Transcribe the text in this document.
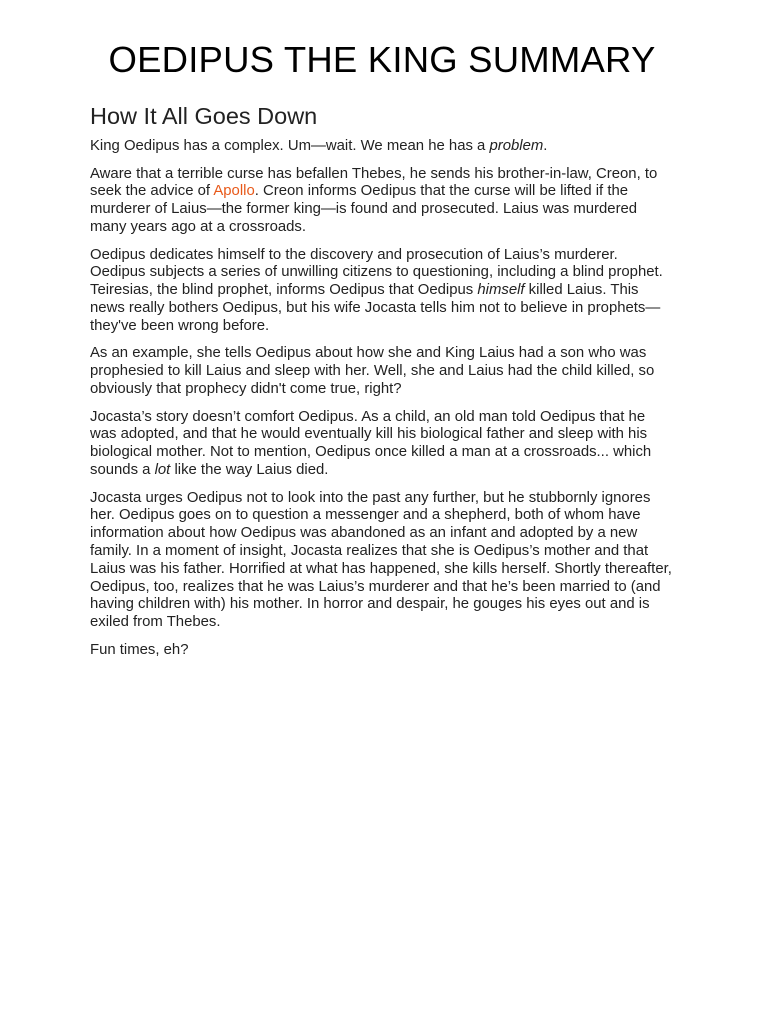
OEDIPUS THE KING SUMMARY
How It All Goes Down

King Oedipus has a complex. Um—wait. We mean he has a problem.

Aware that a terrible curse has befallen Thebes, he sends his brother-in-law, Creon, to seek the advice of Apollo. Creon informs Oedipus that the curse will be lifted if the murderer of Laius—the former king—is found and prosecuted. Laius was murdered many years ago at a crossroads.

Oedipus dedicates himself to the discovery and prosecution of Laius’s murderer. Oedipus subjects a series of unwilling citizens to questioning, including a blind prophet. Teiresias, the blind prophet, informs Oedipus that Oedipus himself killed Laius. This news really bothers Oedipus, but his wife Jocasta tells him not to believe in prophets—they've been wrong before.

As an example, she tells Oedipus about how she and King Laius had a son who was prophesied to kill Laius and sleep with her. Well, she and Laius had the child killed, so obviously that prophecy didn't come true, right?

Jocasta’s story doesn’t comfort Oedipus. As a child, an old man told Oedipus that he was adopted, and that he would eventually kill his biological father and sleep with his biological mother. Not to mention, Oedipus once killed a man at a crossroads... which sounds a lot like the way Laius died.

Jocasta urges Oedipus not to look into the past any further, but he stubbornly ignores her. Oedipus goes on to question a messenger and a shepherd, both of whom have information about how Oedipus was abandoned as an infant and adopted by a new family. In a moment of insight, Jocasta realizes that she is Oedipus’s mother and that Laius was his father. Horrified at what has happened, she kills herself. Shortly thereafter, Oedipus, too, realizes that he was Laius’s murderer and that he’s been married to (and having children with) his mother. In horror and despair, he gouges his eyes out and is exiled from Thebes.

Fun times, eh?
